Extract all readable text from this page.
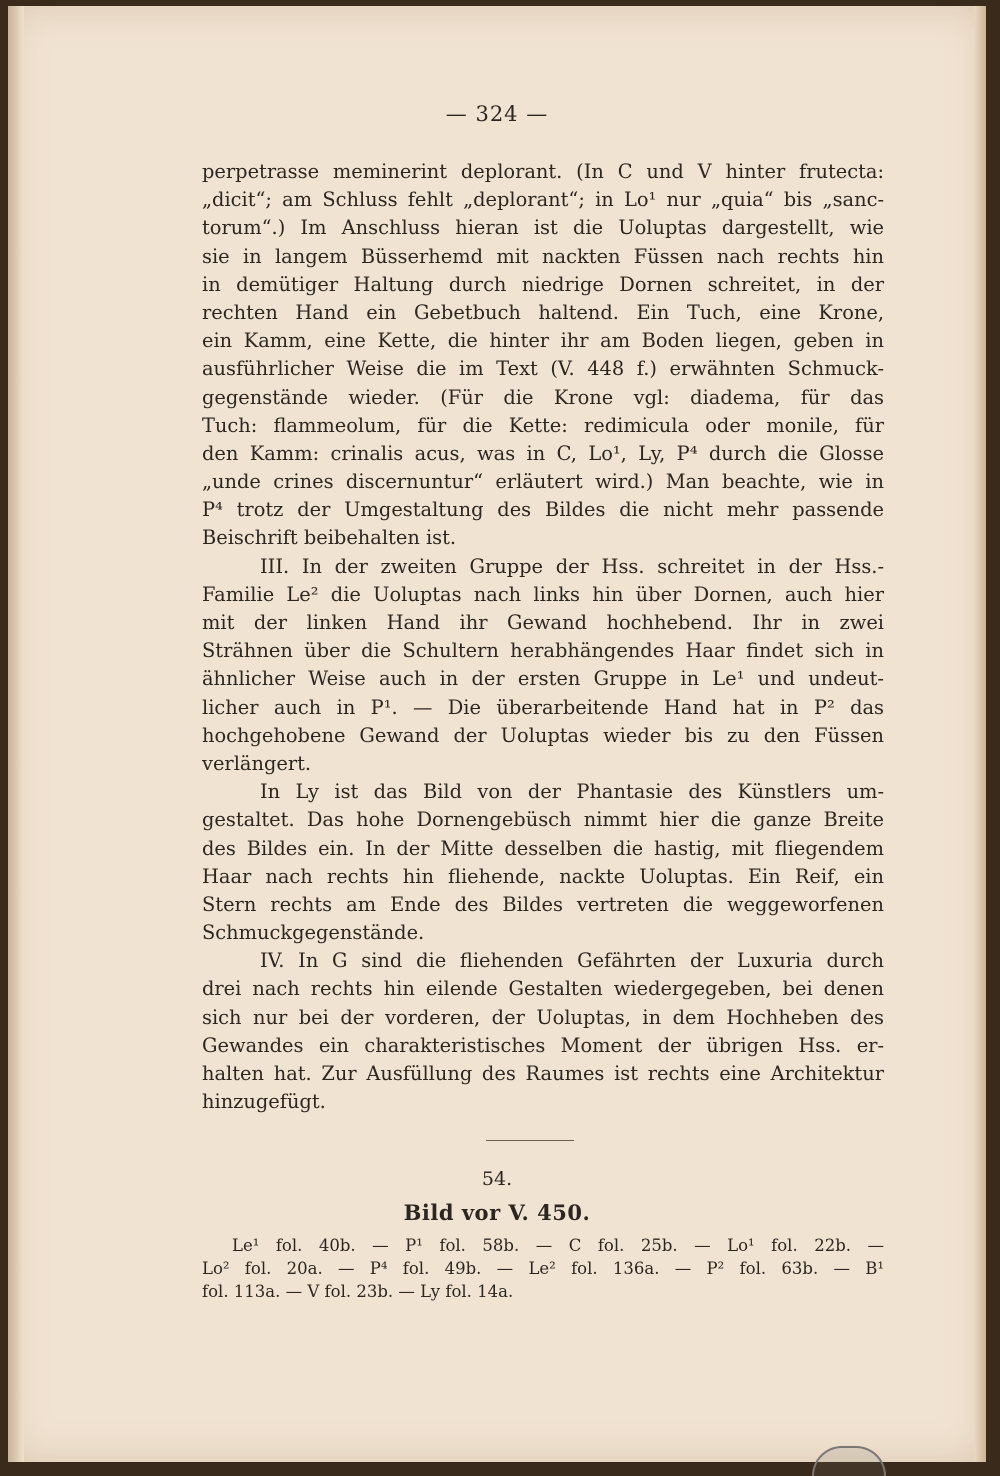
— 324 —
perpetrasse meminerint deplorant. (In C und V hinter frutecta:
„dicit“; am Schluss fehlt „deplorant“; in Lo¹ nur „quia“ bis „sanc-
torum“.) Im Anschluss hieran ist die Uoluptas dargestellt, wie
sie in langem Büsserhemd mit nackten Füssen nach rechts hin
in demütiger Haltung durch niedrige Dornen schreitet, in der
rechten Hand ein Gebetbuch haltend. Ein Tuch, eine Krone,
ein Kamm, eine Kette, die hinter ihr am Boden liegen, geben in
ausführlicher Weise die im Text (V. 448 f.) erwähnten Schmuck-
gegenstände wieder. (Für die Krone vgl: diadema, für das
Tuch: flammeolum, für die Kette: redimicula oder monile, für
den Kamm: crinalis acus, was in C, Lo¹, Ly, P⁴ durch die Glosse
„unde crines discernuntur“ erläutert wird.) Man beachte, wie in
P⁴ trotz der Umgestaltung des Bildes die nicht mehr passende
Beischrift beibehalten ist.
III. In der zweiten Gruppe der Hss. schreitet in der Hss.-
Familie Le² die Uoluptas nach links hin über Dornen, auch hier
mit der linken Hand ihr Gewand hochhebend. Ihr in zwei
Strähnen über die Schultern herabhängendes Haar findet sich in
ähnlicher Weise auch in der ersten Gruppe in Le¹ und undeut-
licher auch in P¹. — Die überarbeitende Hand hat in P² das
hochgehobene Gewand der Uoluptas wieder bis zu den Füssen
verlängert.
In Ly ist das Bild von der Phantasie des Künstlers um-
gestaltet. Das hohe Dornengebüsch nimmt hier die ganze Breite
des Bildes ein. In der Mitte desselben die hastig, mit fliegendem
Haar nach rechts hin fliehende, nackte Uoluptas. Ein Reif, ein
Stern rechts am Ende des Bildes vertreten die weggeworfenen
Schmuckgegenstände.
IV. In G sind die fliehenden Gefährten der Luxuria durch
drei nach rechts hin eilende Gestalten wiedergegeben, bei denen
sich nur bei der vorderen, der Uoluptas, in dem Hochheben des
Gewandes ein charakteristisches Moment der übrigen Hss. er-
halten hat. Zur Ausfüllung des Raumes ist rechts eine Architektur
hinzugefügt.
54.
Bild vor V. 450.
Le¹ fol. 40b. — P¹ fol. 58b. — C fol. 25b. — Lo¹ fol. 22b. —
Lo² fol. 20a. — P⁴ fol. 49b. — Le² fol. 136a. — P² fol. 63b. — B¹
fol. 113a. — V fol. 23b. — Ly fol. 14a.
